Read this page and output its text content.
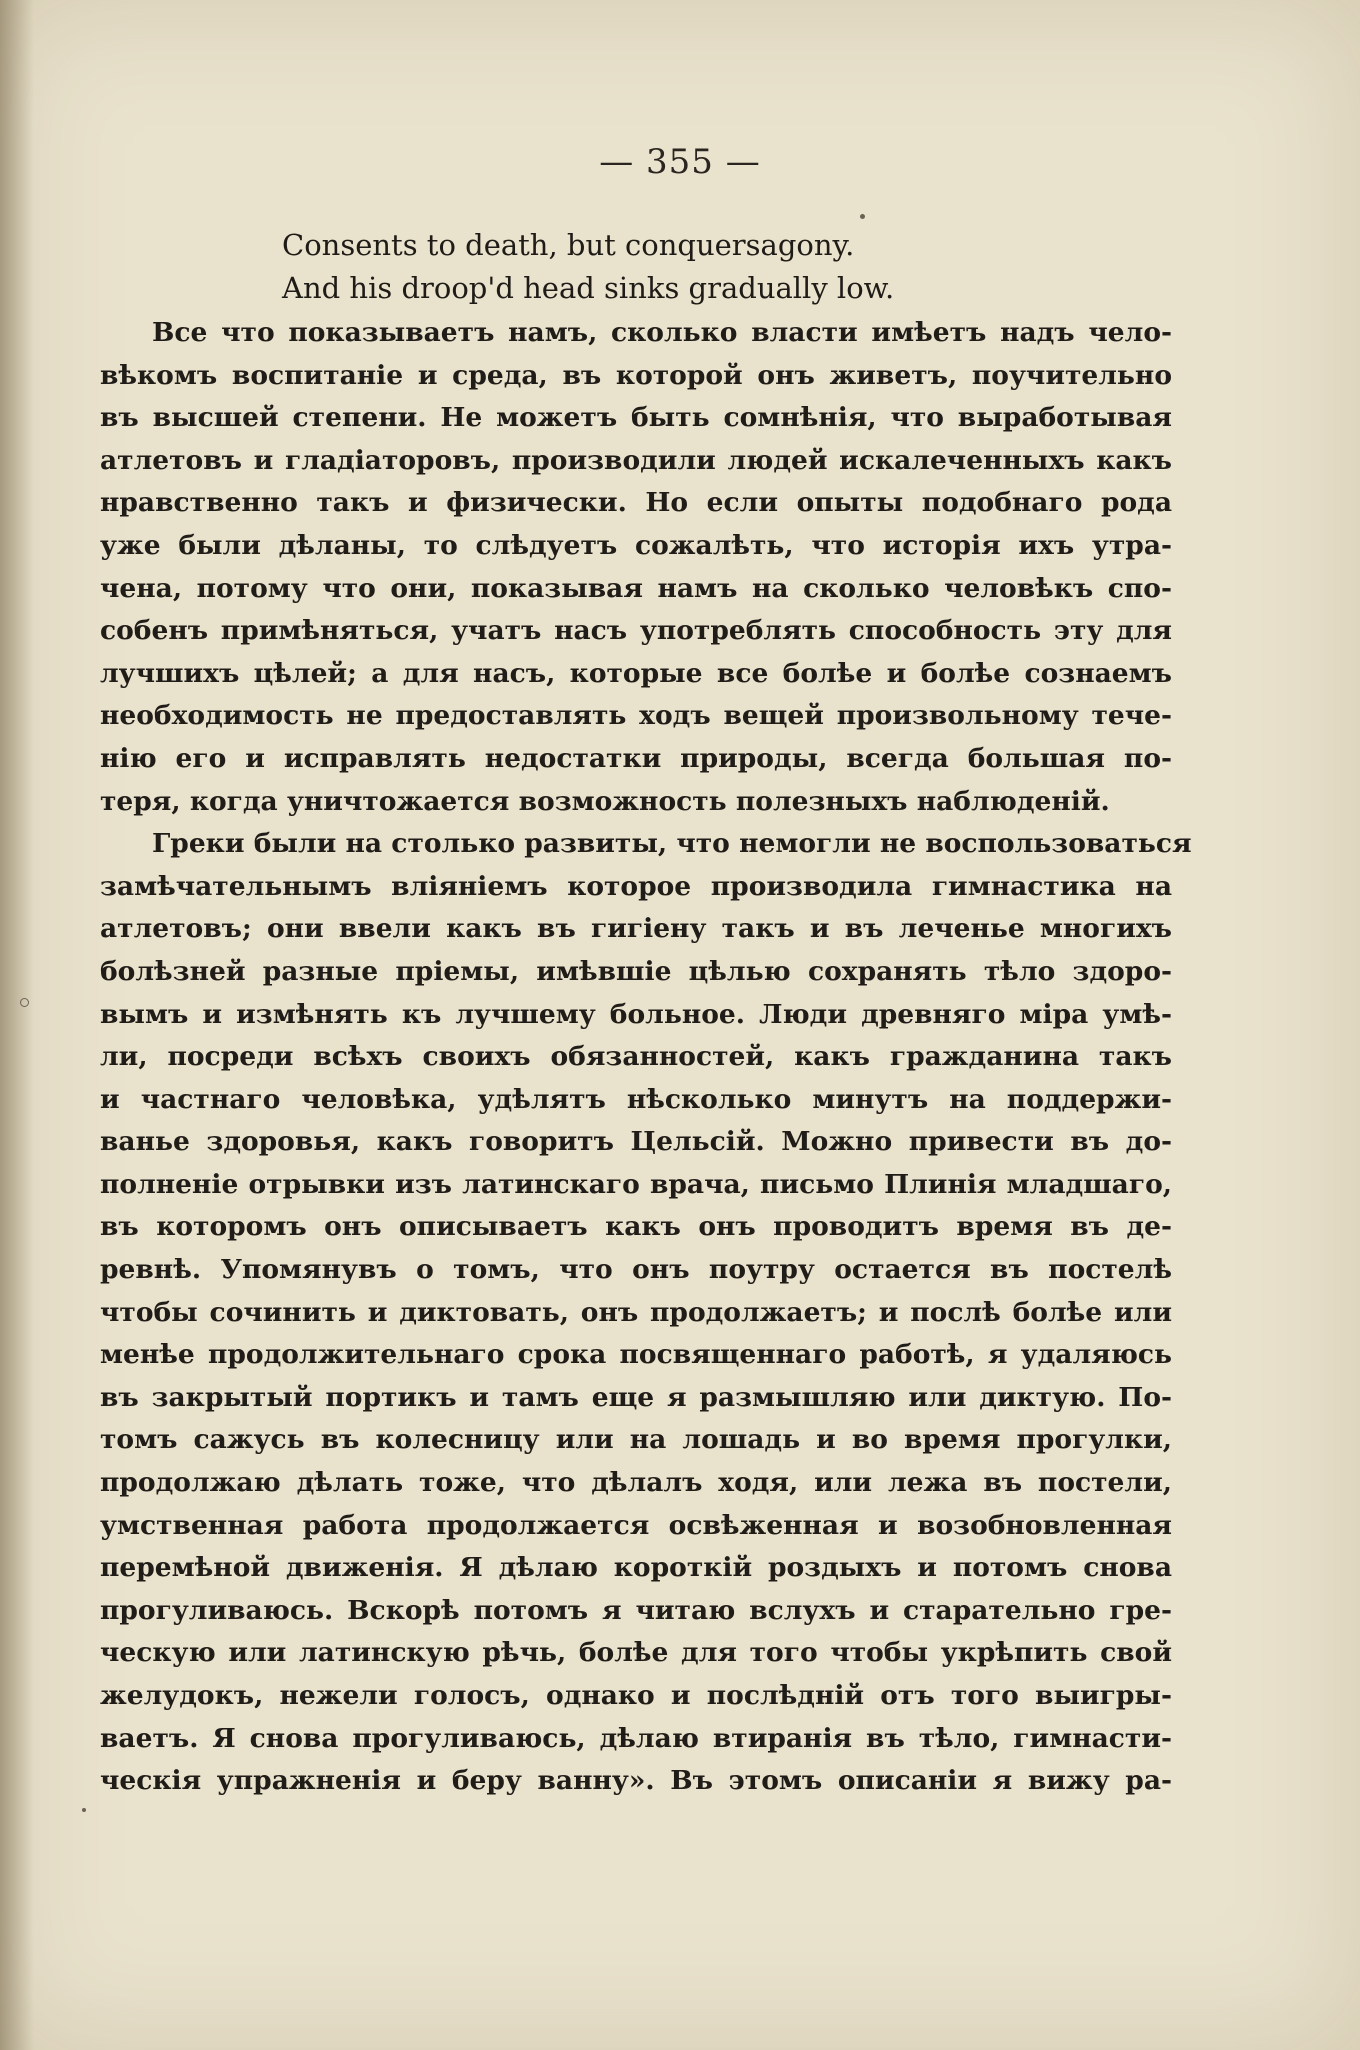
— 355 —
Consents to death, but conquersagony.
And his droop'd head sinks gradually low.
Все что показываетъ намъ, сколько власти имѣетъ надъ чело-
вѣкомъ воспитаніе и среда, въ которой онъ живетъ, поучительно
въ высшей степени. Не можетъ быть сомнѣнія, что выработывая
атлетовъ и гладіаторовъ, производили людей искалеченныхъ какъ
нравственно такъ и физически. Но если опыты подобнаго рода
уже были дѣланы, то слѣдуетъ сожалѣть, что исторія ихъ утра-
чена, потому что они, показывая намъ на сколько человѣкъ спо-
собенъ примѣняться, учатъ насъ употреблять способность эту для
лучшихъ цѣлей; а для насъ, которые все болѣе и болѣе сознаемъ
необходимость не предоставлять ходъ вещей произвольному тече-
нію его и исправлять недостатки природы, всегда большая по-
теря, когда уничтожается возможность полезныхъ наблюденій.
Греки были на столько развиты, что немогли не воспользоваться
замѣчательнымъ вліяніемъ которое производила гимнастика на
атлетовъ; они ввели какъ въ гигіену такъ и въ леченье многихъ
болѣзней разные пріемы, имѣвшіе цѣлью сохранять тѣло здоро-
вымъ и измѣнять къ лучшему больное. Люди древняго міра умѣ-
ли, посреди всѣхъ своихъ обязанностей, какъ гражданина такъ
и частнаго человѣка, удѣлятъ нѣсколько минутъ на поддержи-
ванье здоровья, какъ говоритъ Цельсій. Можно привести въ до-
полненіе отрывки изъ латинскаго врача, письмо Плинія младшаго,
въ которомъ онъ описываетъ какъ онъ проводитъ время въ де-
ревнѣ. Упомянувъ о томъ, что онъ поутру остается въ постелѣ
чтобы сочинить и диктовать, онъ продолжаетъ; и послѣ болѣе или
менѣе продолжительнаго срока посвященнаго работѣ, я удаляюсь
въ закрытый портикъ и тамъ еще я размышляю или диктую. По-
томъ сажусь въ колесницу или на лошадь и во время прогулки,
продолжаю дѣлать тоже, что дѣлалъ ходя, или лежа въ постели,
умственная работа продолжается освѣженная и возобновленная
перемѣной движенія. Я дѣлаю короткій роздыхъ и потомъ снова
прогуливаюсь. Вскорѣ потомъ я читаю вслухъ и старательно гре-
ческую или латинскую рѣчь, болѣе для того чтобы укрѣпить свой
желудокъ, нежели голосъ, однако и послѣдній отъ того выигры-
ваетъ. Я снова прогуливаюсь, дѣлаю втиранія въ тѣло, гимнасти-
ческія упражненія и беру ванну». Въ этомъ описаніи я вижу ра-
